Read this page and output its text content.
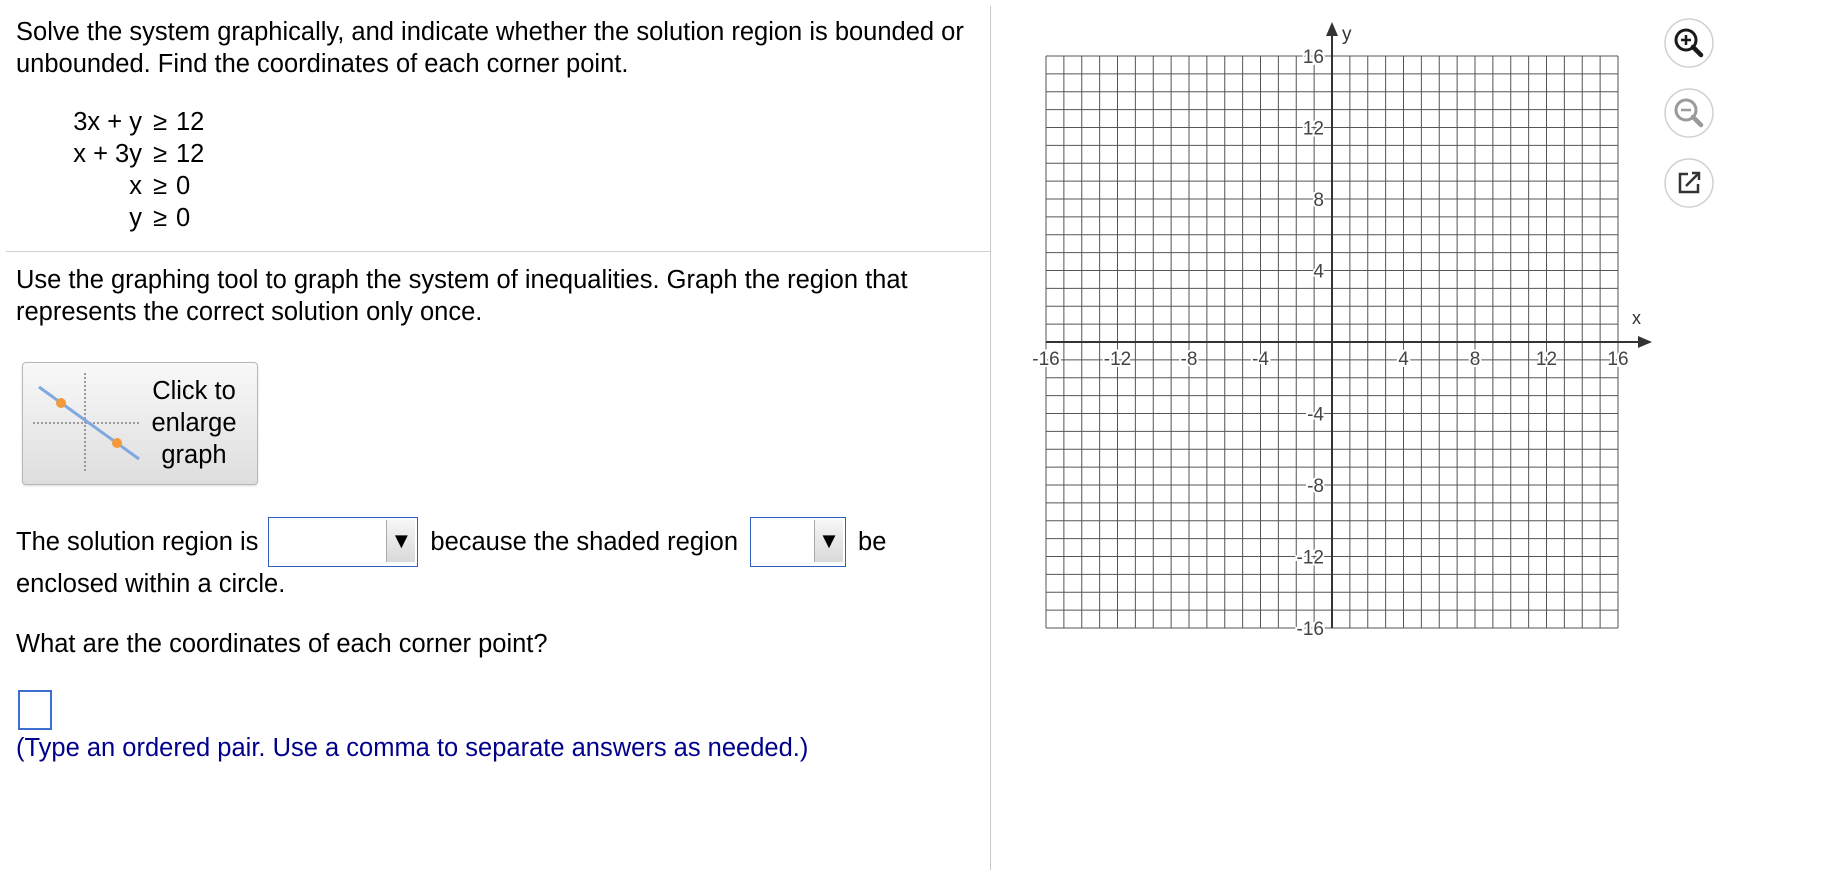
Solve the system graphically, and indicate whether the solution region is bounded or unbounded. Find the coordinates of each corner point.
3x + y ≥ 12
x + 3y ≥ 12
x ≥ 0
y ≥ 0
Use the graphing tool to graph the system of inequalities. Graph the region that represents the correct solution only once.
Click to
enlarge
graph
The solution region is	▼ because the shaded region	▼ be
enclosed within a circle.
What are the coordinates of each corner point?
(Type an ordered pair. Use a comma to separate answers as needed.)
x
y
-16 -12	-8	-4	4	8	12	16
16
12
8
4
-4
-8
-12
-16
